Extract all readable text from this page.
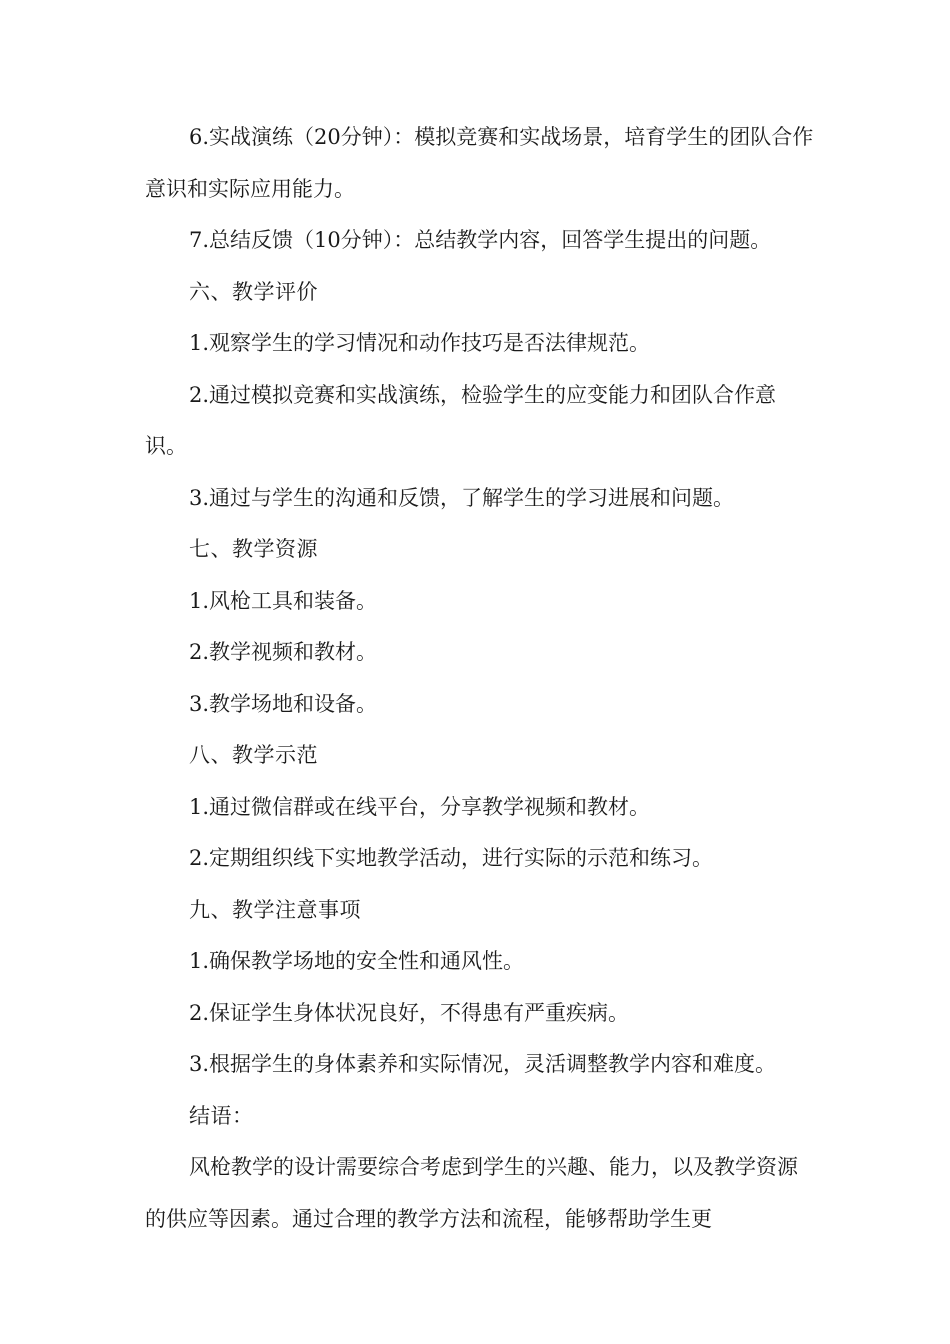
6.实战演练（20分钟）：模拟竞赛和实战场景，培育学生的团队合作意识和实际应用能力。

7.总结反馈（10分钟）：总结教学内容，回答学生提出的问题。

六、教学评价

1.观察学生的学习情况和动作技巧是否法律规范。

2.通过模拟竞赛和实战演练，检验学生的应变能力和团队合作意识。

3.通过与学生的沟通和反馈，了解学生的学习进展和问题。

七、教学资源

1.风枪工具和装备。

2.教学视频和教材。

3.教学场地和设备。

八、教学示范

1.通过微信群或在线平台，分享教学视频和教材。

2.定期组织线下实地教学活动，进行实际的示范和练习。

九、教学注意事项

1.确保教学场地的安全性和通风性。

2.保证学生身体状况良好，不得患有严重疾病。

3.根据学生的身体素养和实际情况，灵活调整教学内容和难度。

结语：

风枪教学的设计需要综合考虑到学生的兴趣、能力，以及教学资源的供应等因素。通过合理的教学方法和流程，能够帮助学生更
